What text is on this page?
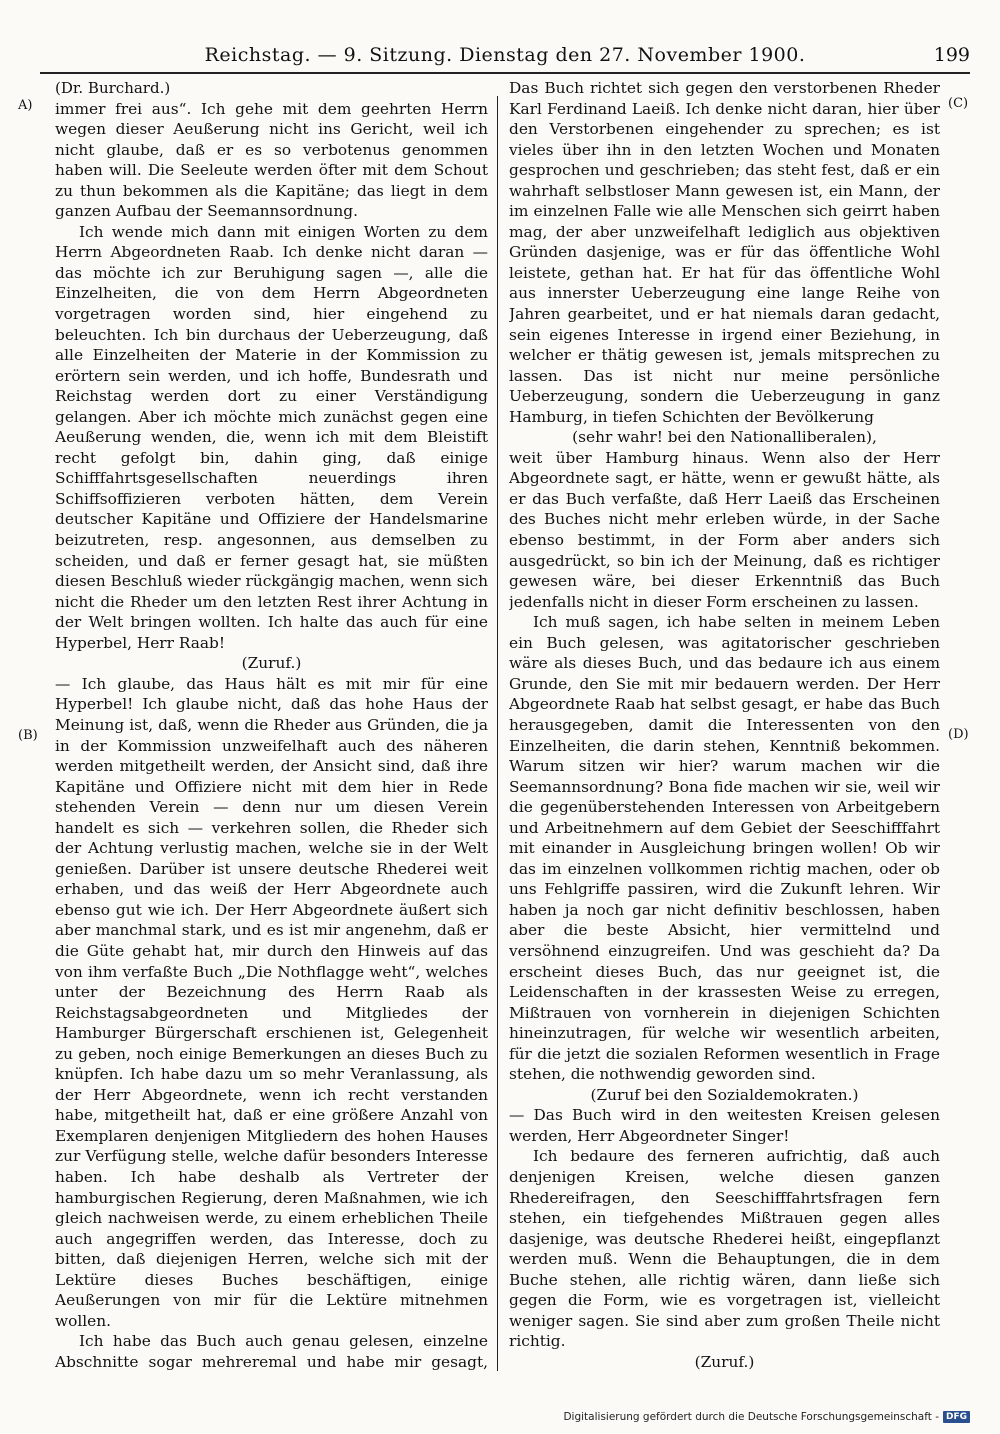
Reichstag. — 9. Sitzung. Dienstag den 27. November 1900.	199
A)
(B)
(C)
(D)

(Dr. Burchard.)

immer frei aus“. Ich gehe mit dem geehrten Herrn wegen dieser Aeußerung nicht ins Gericht, weil ich nicht glaube, daß er es so verbotenus genommen haben will. Die Seeleute werden öfter mit dem Schout zu thun bekommen als die Kapitäne; das liegt in dem ganzen Aufbau der Seemannsordnung.

Ich wende mich dann mit einigen Worten zu dem Herrn Abgeordneten Raab. Ich denke nicht daran — das möchte ich zur Beruhigung sagen —, alle die Einzelheiten, die von dem Herrn Abgeordneten vorgetragen worden sind, hier eingehend zu beleuchten. Ich bin durchaus der Ueberzeugung, daß alle Einzelheiten der Materie in der Kommission zu erörtern sein werden, und ich hoffe, Bundesrath und Reichstag werden dort zu einer Verständigung gelangen. Aber ich möchte mich zunächst gegen eine Aeußerung wenden, die, wenn ich mit dem Bleistift recht gefolgt bin, dahin ging, daß einige Schifffahrtsgesellschaften neuerdings ihren Schiffsoffizieren verboten hätten, dem Verein deutscher Kapitäne und Offiziere der Handelsmarine beizutreten, resp. angesonnen, aus demselben zu scheiden, und daß er ferner gesagt hat, sie müßten diesen Beschluß wieder rückgängig machen, wenn sich nicht die Rheder um den letzten Rest ihrer Achtung in der Welt bringen wollten. Ich halte das auch für eine Hyperbel, Herr Raab!

(Zuruf.)

— Ich glaube, das Haus hält es mit mir für eine Hyperbel! Ich glaube nicht, daß das hohe Haus der Meinung ist, daß, wenn die Rheder aus Gründen, die ja in der Kommission unzweifelhaft auch des näheren werden mitgetheilt werden, der Ansicht sind, daß ihre Kapitäne und Offiziere nicht mit dem hier in Rede stehenden Verein — denn nur um diesen Verein handelt es sich — verkehren sollen, die Rheder sich der Achtung verlustig machen, welche sie in der Welt genießen. Darüber ist unsere deutsche Rhederei weit erhaben, und das weiß der Herr Abgeordnete auch ebenso gut wie ich. Der Herr Abgeordnete äußert sich aber manchmal stark, und es ist mir angenehm, daß er die Güte gehabt hat, mir durch den Hinweis auf das von ihm verfaßte Buch „Die Nothflagge weht“, welches unter der Bezeichnung des Herrn Raab als Reichstagsabgeordneten und Mitgliedes der Hamburger Bürgerschaft erschienen ist, Gelegenheit zu geben, noch einige Bemerkungen an dieses Buch zu knüpfen. Ich habe dazu um so mehr Veranlassung, als der Herr Abgeordnete, wenn ich recht verstanden habe, mitgetheilt hat, daß er eine größere Anzahl von Exemplaren denjenigen Mitgliedern des hohen Hauses zur Verfügung stelle, welche dafür besonders Interesse haben. Ich habe deshalb als Vertreter der hamburgischen Regierung, deren Maßnahmen, wie ich gleich nachweisen werde, zu einem erheblichen Theile auch angegriffen werden, das Interesse, doch zu bitten, daß diejenigen Herren, welche sich mit der Lektüre dieses Buches beschäftigen, einige Aeußerungen von mir für die Lektüre mitnehmen wollen.

Ich habe das Buch auch genau gelesen, einzelne Abschnitte sogar mehreremal und habe mir gesagt,

Das Buch richtet sich gegen den verstorbenen Rheder Karl Ferdinand Laeiß. Ich denke nicht daran, hier über den Verstorbenen eingehender zu sprechen; es ist vieles über ihn in den letzten Wochen und Monaten gesprochen und geschrieben; das steht fest, daß er ein wahrhaft selbstloser Mann gewesen ist, ein Mann, der im einzelnen Falle wie alle Menschen sich geirrt haben mag, der aber unzweifelhaft lediglich aus objektiven Gründen dasjenige, was er für das öffentliche Wohl leistete, gethan hat. Er hat für das öffentliche Wohl aus innerster Ueberzeugung eine lange Reihe von Jahren gearbeitet, und er hat niemals daran gedacht, sein eigenes Interesse in irgend einer Beziehung, in welcher er thätig gewesen ist, jemals mitsprechen zu lassen. Das ist nicht nur meine persönliche Ueberzeugung, sondern die Ueberzeugung in ganz Hamburg, in tiefen Schichten der Bevölkerung

(sehr wahr! bei den Nationalliberalen),

weit über Hamburg hinaus. Wenn also der Herr Abgeordnete sagt, er hätte, wenn er gewußt hätte, als er das Buch verfaßte, daß Herr Laeiß das Erscheinen des Buches nicht mehr erleben würde, in der Sache ebenso bestimmt, in der Form aber anders sich ausgedrückt, so bin ich der Meinung, daß es richtiger gewesen wäre, bei dieser Erkenntniß das Buch jedenfalls nicht in dieser Form erscheinen zu lassen.

Ich muß sagen, ich habe selten in meinem Leben ein Buch gelesen, was agitatorischer geschrieben wäre als dieses Buch, und das bedaure ich aus einem Grunde, den Sie mit mir bedauern werden. Der Herr Abgeordnete Raab hat selbst gesagt, er habe das Buch herausgegeben, damit die Interessenten von den Einzelheiten, die darin stehen, Kenntniß bekommen. Warum sitzen wir hier? warum machen wir die Seemannsordnung? Bona fide machen wir sie, weil wir die gegenüberstehenden Interessen von Arbeitgebern und Arbeitnehmern auf dem Gebiet der Seeschifffahrt mit einander in Ausgleichung bringen wollen! Ob wir das im einzelnen vollkommen richtig machen, oder ob uns Fehlgriffe passiren, wird die Zukunft lehren. Wir haben ja noch gar nicht definitiv beschlossen, haben aber die beste Absicht, hier vermittelnd und versöhnend einzugreifen. Und was geschieht da? Da erscheint dieses Buch, das nur geeignet ist, die Leidenschaften in der krassesten Weise zu erregen, Mißtrauen von vornherein in diejenigen Schichten hineinzutragen, für welche wir wesentlich arbeiten, für die jetzt die sozialen Reformen wesentlich in Frage stehen, die nothwendig geworden sind.

(Zuruf bei den Sozialdemokraten.)

— Das Buch wird in den weitesten Kreisen gelesen werden, Herr Abgeordneter Singer!

Ich bedaure des ferneren aufrichtig, daß auch denjenigen Kreisen, welche diesen ganzen Rhedereifragen, den Seeschifffahrtsfragen fern stehen, ein tiefgehendes Mißtrauen gegen alles dasjenige, was deutsche Rhederei heißt, eingepflanzt werden muß. Wenn die Behauptungen, die in dem Buche stehen, alle richtig wären, dann ließe sich gegen die Form, wie es vorgetragen ist, vielleicht weniger sagen. Sie sind aber zum großen Theile nicht richtig.

(Zuruf.)

Digitalisierung gefördert durch die Deutsche Forschungsgemeinschaft - DFG
